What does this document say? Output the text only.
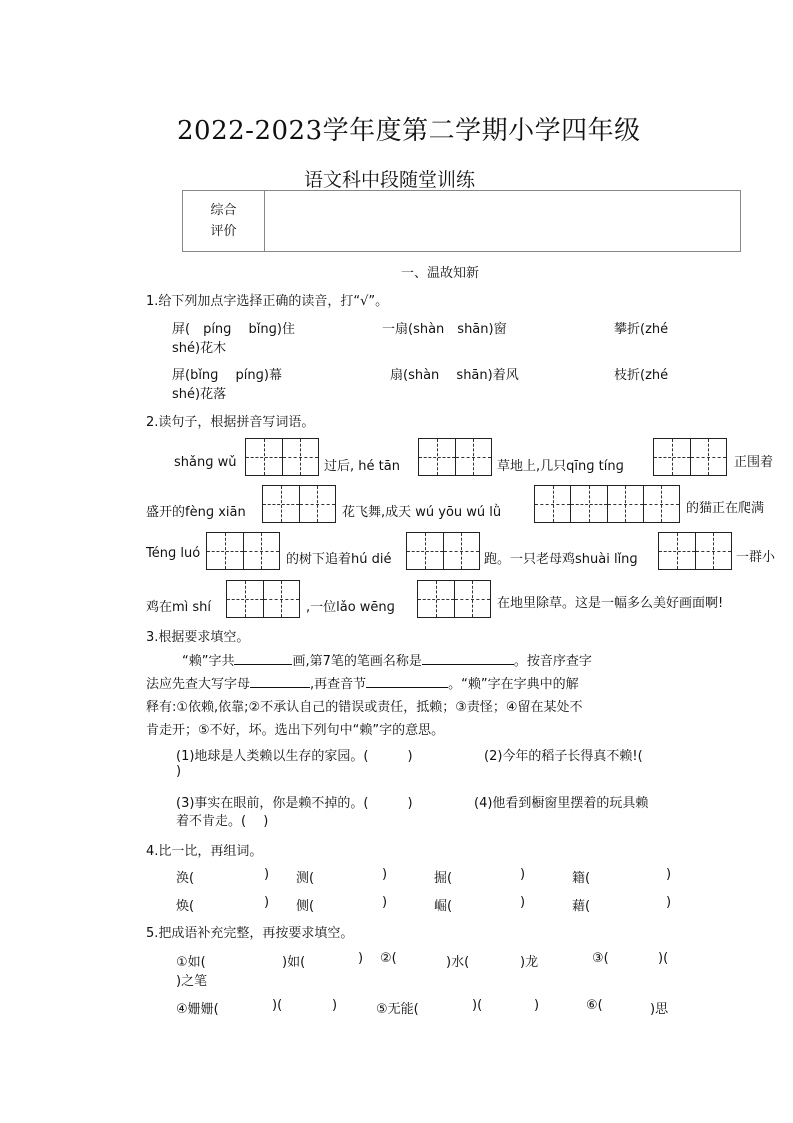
2022-2023学年度第二学期小学四年级
语文科中段随堂训练
综合
评价
一、温故知新
1.给下列加点字选择正确的读音，打“√”。
屏(　pínɡ　 bǐnɡ)住	一扇(shàn　shān)窗	攀折(zhé
shé)花木
屏(bǐnɡ　 pínɡ)幕	扇(shàn　 shān)着风	枝折(zhé
shé)花落
2.读句子，根据拼音写词语。
shǎnɡ wǔ	过后, hé tān	草地上,几只qīnɡ tínɡ	正围着
盛开的fènɡ xiān	花飞舞,成天 wú yōu wú lǜ	的猫正在爬满
Ténɡ luó	的树下追着hú dié	跑。一只老母鸡shuài lǐnɡ	一群小
鸡在mì shí	,一位lǎo wēnɡ	在地里除草。这是一幅多么美好画面啊!
3.根据要求填空。
“赖”字共	画,第7笔的笔画名称是	。按音序查字
法应先查大写字母	,再查音节	。“赖”字在字典中的解
释有:①依赖,依靠;②不承认自己的错误或责任，抵赖；③责怪；④留在某处不
肯走开；⑤不好，坏。选出下列句中“赖”字的意思。
(1)地球是人类赖以生存的家园。(　　　)	(2)今年的稻子长得真不赖!(
)
(3)事实在眼前，你是赖不掉的。(　　　)	(4)他看到橱窗里摆着的玩具赖
着不肯走。(　 )
4.比一比，再组词。
涣(	) 测(	)	掘(	)	籍(	)
焕(	) 侧(	)	崛(	)	藉(	)
5.把成语补充完整，再按要求填空。
①如(	)如(	) ②(	)水(	)龙	③(	)(
)之笔
④姗姗(	)(	)	⑤无能(	)(	)	⑥(	)思
